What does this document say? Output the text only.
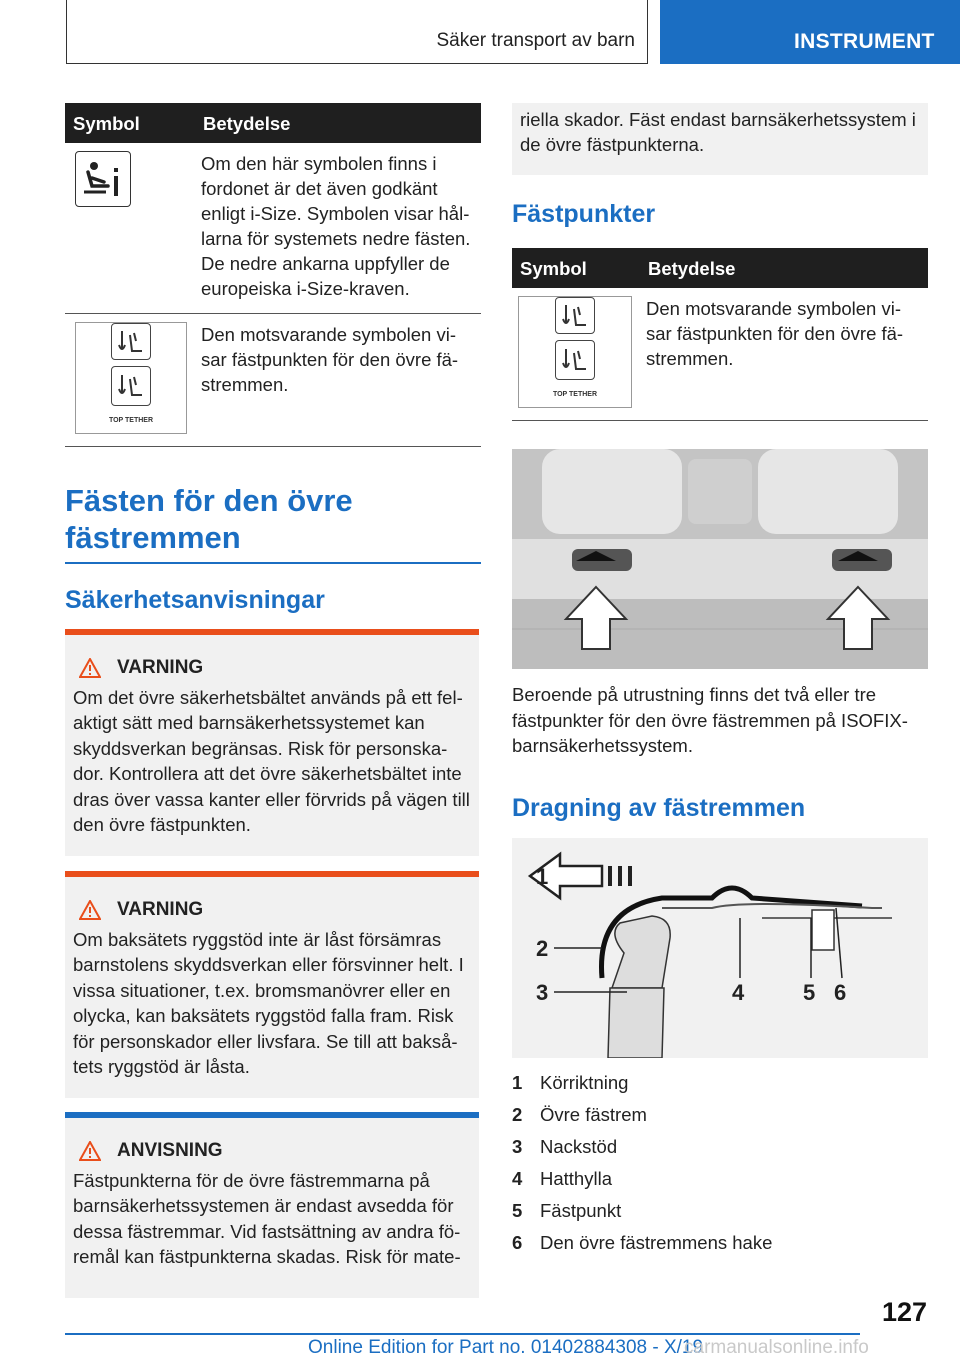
Säker transport av barn	INSTRUMENT
Symbol	Betydelse

	Om den här symbolen finns i fordonet är det även godkänt enligt i-Size. Symbolen visar hål-larna för systemets nedre fästen. De nedre ankarna uppfyller de europeiska i-Size-kraven.

TOP TETHER	Den motsvarande symbolen vi-sar fästpunkten för den övre fä-stremmen.
Fästen för den övre fästremmen
Säkerhetsanvisningar
VARNING
Om det övre säkerhetsbältet används på ett fel-aktigt sätt med barnsäkerhetssystemet kan skyddsverkan begränsas. Risk för personska-dor. Kontrollera att det övre säkerhetsbältet inte dras över vassa kanter eller förvrids på vägen till den övre fästpunkten.
VARNING
Om baksätets ryggstöd inte är låst försämras barnstolens skyddsverkan eller försvinner helt. I vissa situationer, t.ex. bromsmanövrer eller en olycka, kan baksätets ryggstöd falla fram. Risk för personskador eller livsfara. Se till att bakså-tets ryggstöd är låsta.
ANVISNING
Fästpunkterna för de övre fästremmarna på barnsäkerhetssystemen är endast avsedda för dessa fästremmar. Vid fastsättning av andra fö-remål kan fästpunkterna skadas. Risk för mate-
riella skador. Fäst endast barnsäkerhetssystem i de övre fästpunkterna.
Fästpunkter
Symbol	Betydelse

TOP TETHER	Den motsvarande symbolen vi-sar fästpunkten för den övre fä-stremmen.

Beroende på utrustning finns det två eller tre fästpunkter för den övre fästremmen på ISOFIX-barnsäkerhetssystem.

Dragning av fästremmen
1
2
3	4	5 6
1 Körriktning
2 Övre fästrem
3 Nackstöd
4 Hatthylla
5 Fästpunkt
6 Den övre fästremmens hake
127
Online Edition for Part no. 01402884308 - X/19
carmanualsonline.info
